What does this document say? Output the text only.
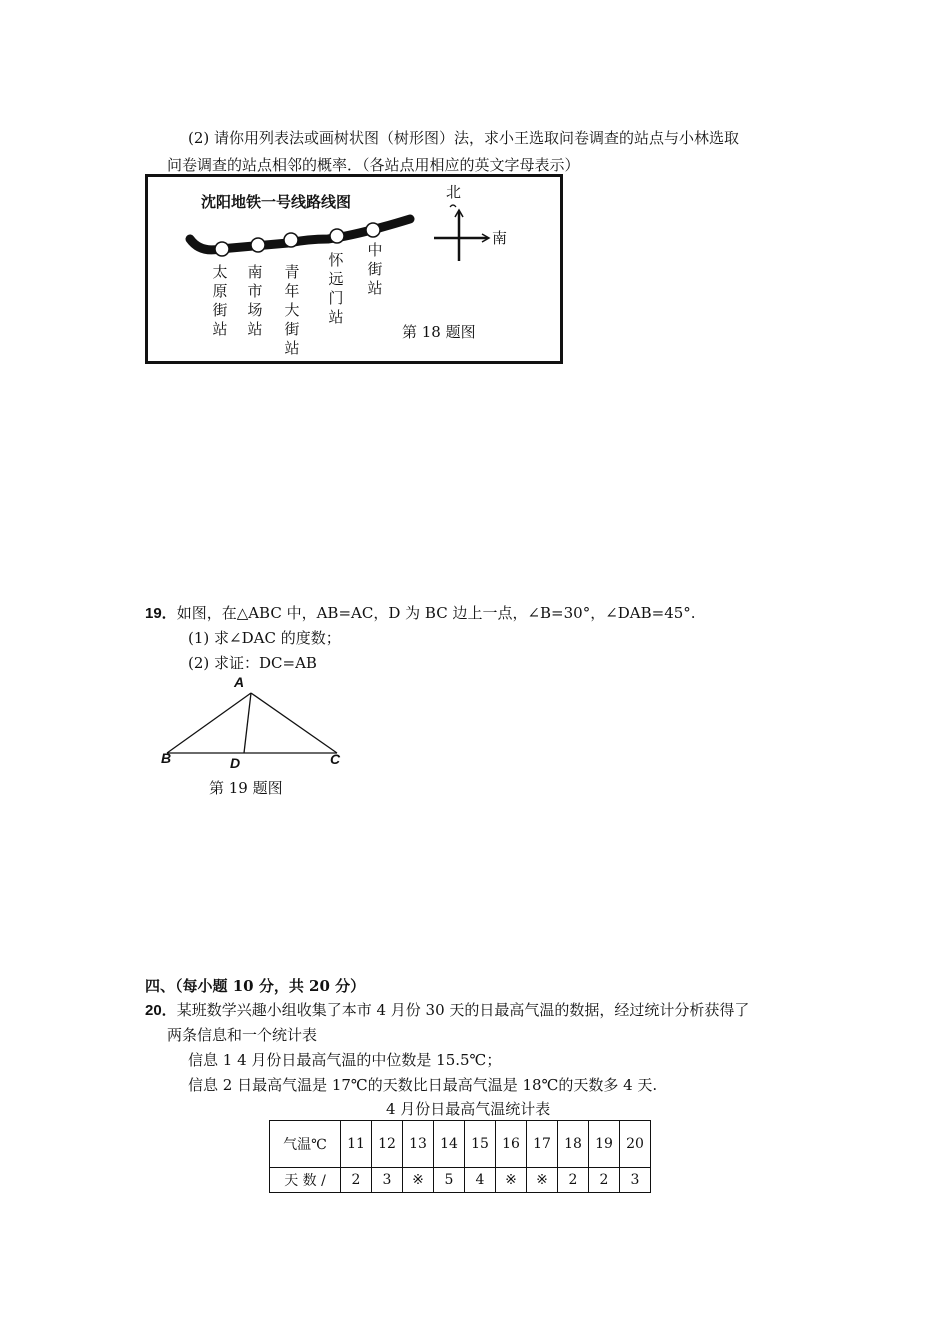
(2) 请你用列表法或画树状图（树形图）法，求小王选取问卷调查的站点与小林选取
问卷调查的站点相邻的概率．（各站点用相应的英文字母表示）
沈阳地铁一号线路线图
北
南
太原街站
南市场站
青年大街站
怀远门站
中街站
第 18 题图
19．如图，在△ABC 中，AB=AC，D 为 BC 边上一点，∠B=30°，∠DAB=45°.
(1) 求∠DAC 的度数；
(2) 求证：DC=AB
A
B	C
D
第 19 题图
四、（每小题 10 分，共 20 分）
20．某班数学兴趣小组收集了本市 4 月份 30 天的日最高气温的数据，经过统计分析获得了
两条信息和一个统计表
信息 1 4 月份日最高气温的中位数是 15.5℃；
信息 2 日最高气温是 17℃的天数比日最高气温是 18℃的天数多 4 天.
4 月份日最高气温统计表
气温℃	11	12	13	14	15	16	17	18	19	20
天 数 /	2	3	※	5	4	※	※	2	2	3
